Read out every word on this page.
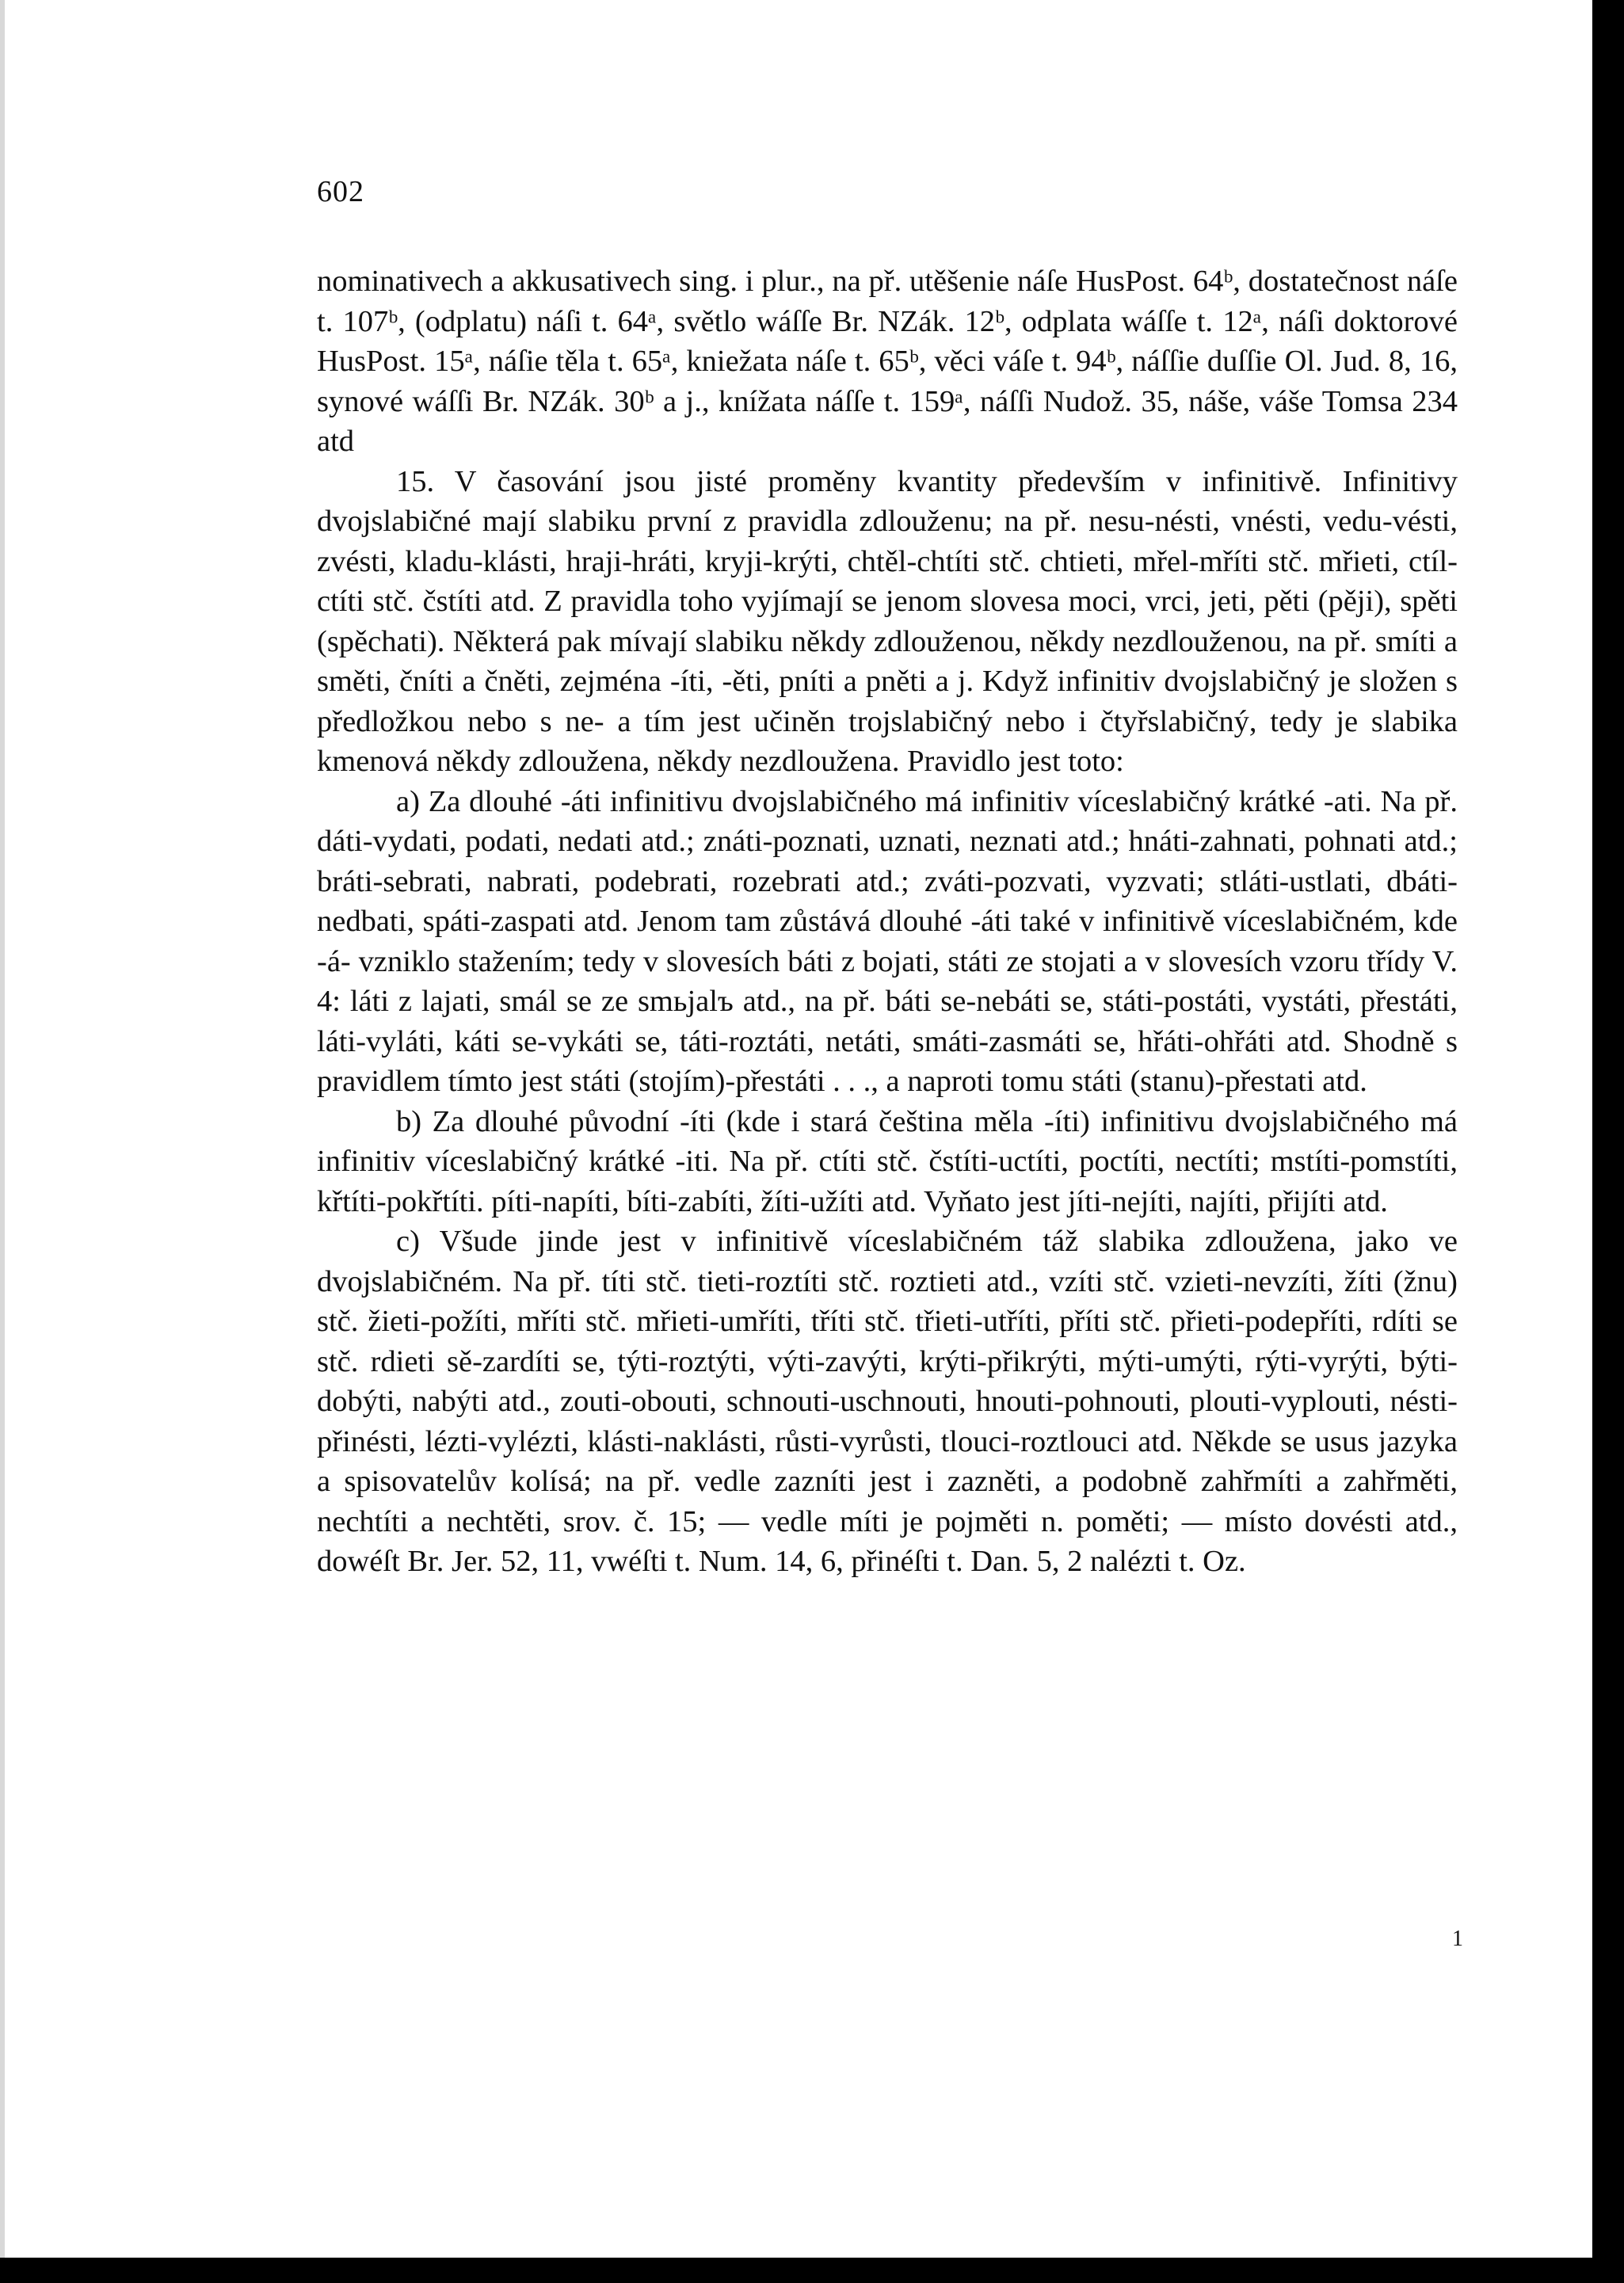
602

nominativech a akkusativech sing. i plur., na př. utěšenie náſe HusPost. 64ᵇ, dostatečnost náſe t. 107ᵇ, (odplatu) náſi t. 64ᵃ, světlo wáſſe Br. NZák. 12ᵇ, odplata wáſſe t. 12ᵃ, náſi doktorové HusPost. 15ᵃ, náſie těla t. 65ᵃ, kniežata náſe t. 65ᵇ, věci váſe t. 94ᵇ, náſſie duſſie Ol. Jud. 8, 16, synové wáſſi Br. NZák. 30ᵇ a j., knížata náſſe t. 159ᵃ, náſſi Nudož. 35, náše, váše Tomsa 234 atd

15. V časování jsou jisté proměny kvantity především v infinitivě. Infinitivy dvojslabičné mají slabiku první z pravidla zdlouženu; na př. nesu-nésti, vnésti, vedu-vésti, zvésti, kladu-klásti, hraji-hráti, kryji-krýti, chtěl-chtíti stč. chtieti, mřel-mříti stč. mřieti, ctíl-ctíti stč. čstíti atd. Z pravidla toho vyjímají se jenom slovesa moci, vrci, jeti, pěti (pěji), spěti (spěchati). Některá pak mívají slabiku někdy zdlouženou, někdy nezdlouženou, na př. smíti a směti, čníti a čněti, zejména -íti, -ěti, pníti a pněti a j. Když infinitiv dvojslabičný je složen s předložkou nebo s ne- a tím jest učiněn trojslabičný nebo i čtyřslabičný, tedy je slabika kmenová někdy zdloužena, někdy nezdloužena. Pravidlo jest toto:

a) Za dlouhé -áti infinitivu dvojslabičného má infinitiv víceslabičný krátké -ati. Na př. dáti-vydati, podati, nedati atd.; znáti-poznati, uznati, neznati atd.; hnáti-zahnati, pohnati atd.; bráti-sebrati, nabrati, podebrati, rozebrati atd.; zváti-pozvati, vyzvati; stláti-ustlati, dbáti-nedbati, spáti-zaspati atd. Jenom tam zůstává dlouhé -áti také v infinitivě víceslabičném, kde -á- vzniklo stažením; tedy v slovesích báti z bojati, státi ze stojati a v slovesích vzoru třídy V. 4: láti z lajati, smál se ze smьjalъ atd., na př. báti se-nebáti se, státi-postáti, vystáti, přestáti, láti-vyláti, káti se-vykáti se, táti-roztáti, netáti, smáti-zasmáti se, hřáti-ohřáti atd. Shodně s pravidlem tímto jest státi (stojím)-přestáti . . ., a naproti tomu státi (stanu)-přestati atd.

b) Za dlouhé původní -íti (kde i stará čeština měla -íti) infinitivu dvojslabičného má infinitiv víceslabičný krátké -iti. Na př. ctíti stč. čstíti-uctíti, poctíti, nectíti; mstíti-pomstíti, křtíti-pokřtíti. píti-napíti, bíti-zabíti, žíti-užíti atd. Vyňato jest jíti-nejíti, najíti, přijíti atd.

c) Všude jinde jest v infinitivě víceslabičném táž slabika zdloužena, jako ve dvojslabičném. Na př. títi stč. tieti-roztíti stč. roztieti atd., vzíti stč. vzieti-nevzíti, žíti (žnu) stč. žieti-požíti, mříti stč. mřieti-umříti, tříti stč. třieti-utříti, příti stč. přieti-podepříti, rdíti se stč. rdieti sě-zardíti se, týti-roztýti, výti-zavýti, krýti-přikrýti, mýti-umýti, rýti-vyrýti, býti-dobýti, nabýti atd., zouti-obouti, schnouti-uschnouti, hnouti-pohnouti, plouti-vyplouti, nésti-přinésti, lézti-vylézti, klásti-naklásti, růsti-vyrůsti, tlouci-roztlouci atd. Někde se usus jazyka a spisovatelův kolísá; na př. vedle zazníti jest i zazněti, a podobně zahřmíti a zahřměti, nechtíti a nechtěti, srov. č. 15; — vedle míti je pojměti n. poměti; — místo dovésti atd., dowéſt Br. Jer. 52, 11, vwéſti t. Num. 14, 6, přinéſti t. Dan. 5, 2 nalézti t. Oz.

1
